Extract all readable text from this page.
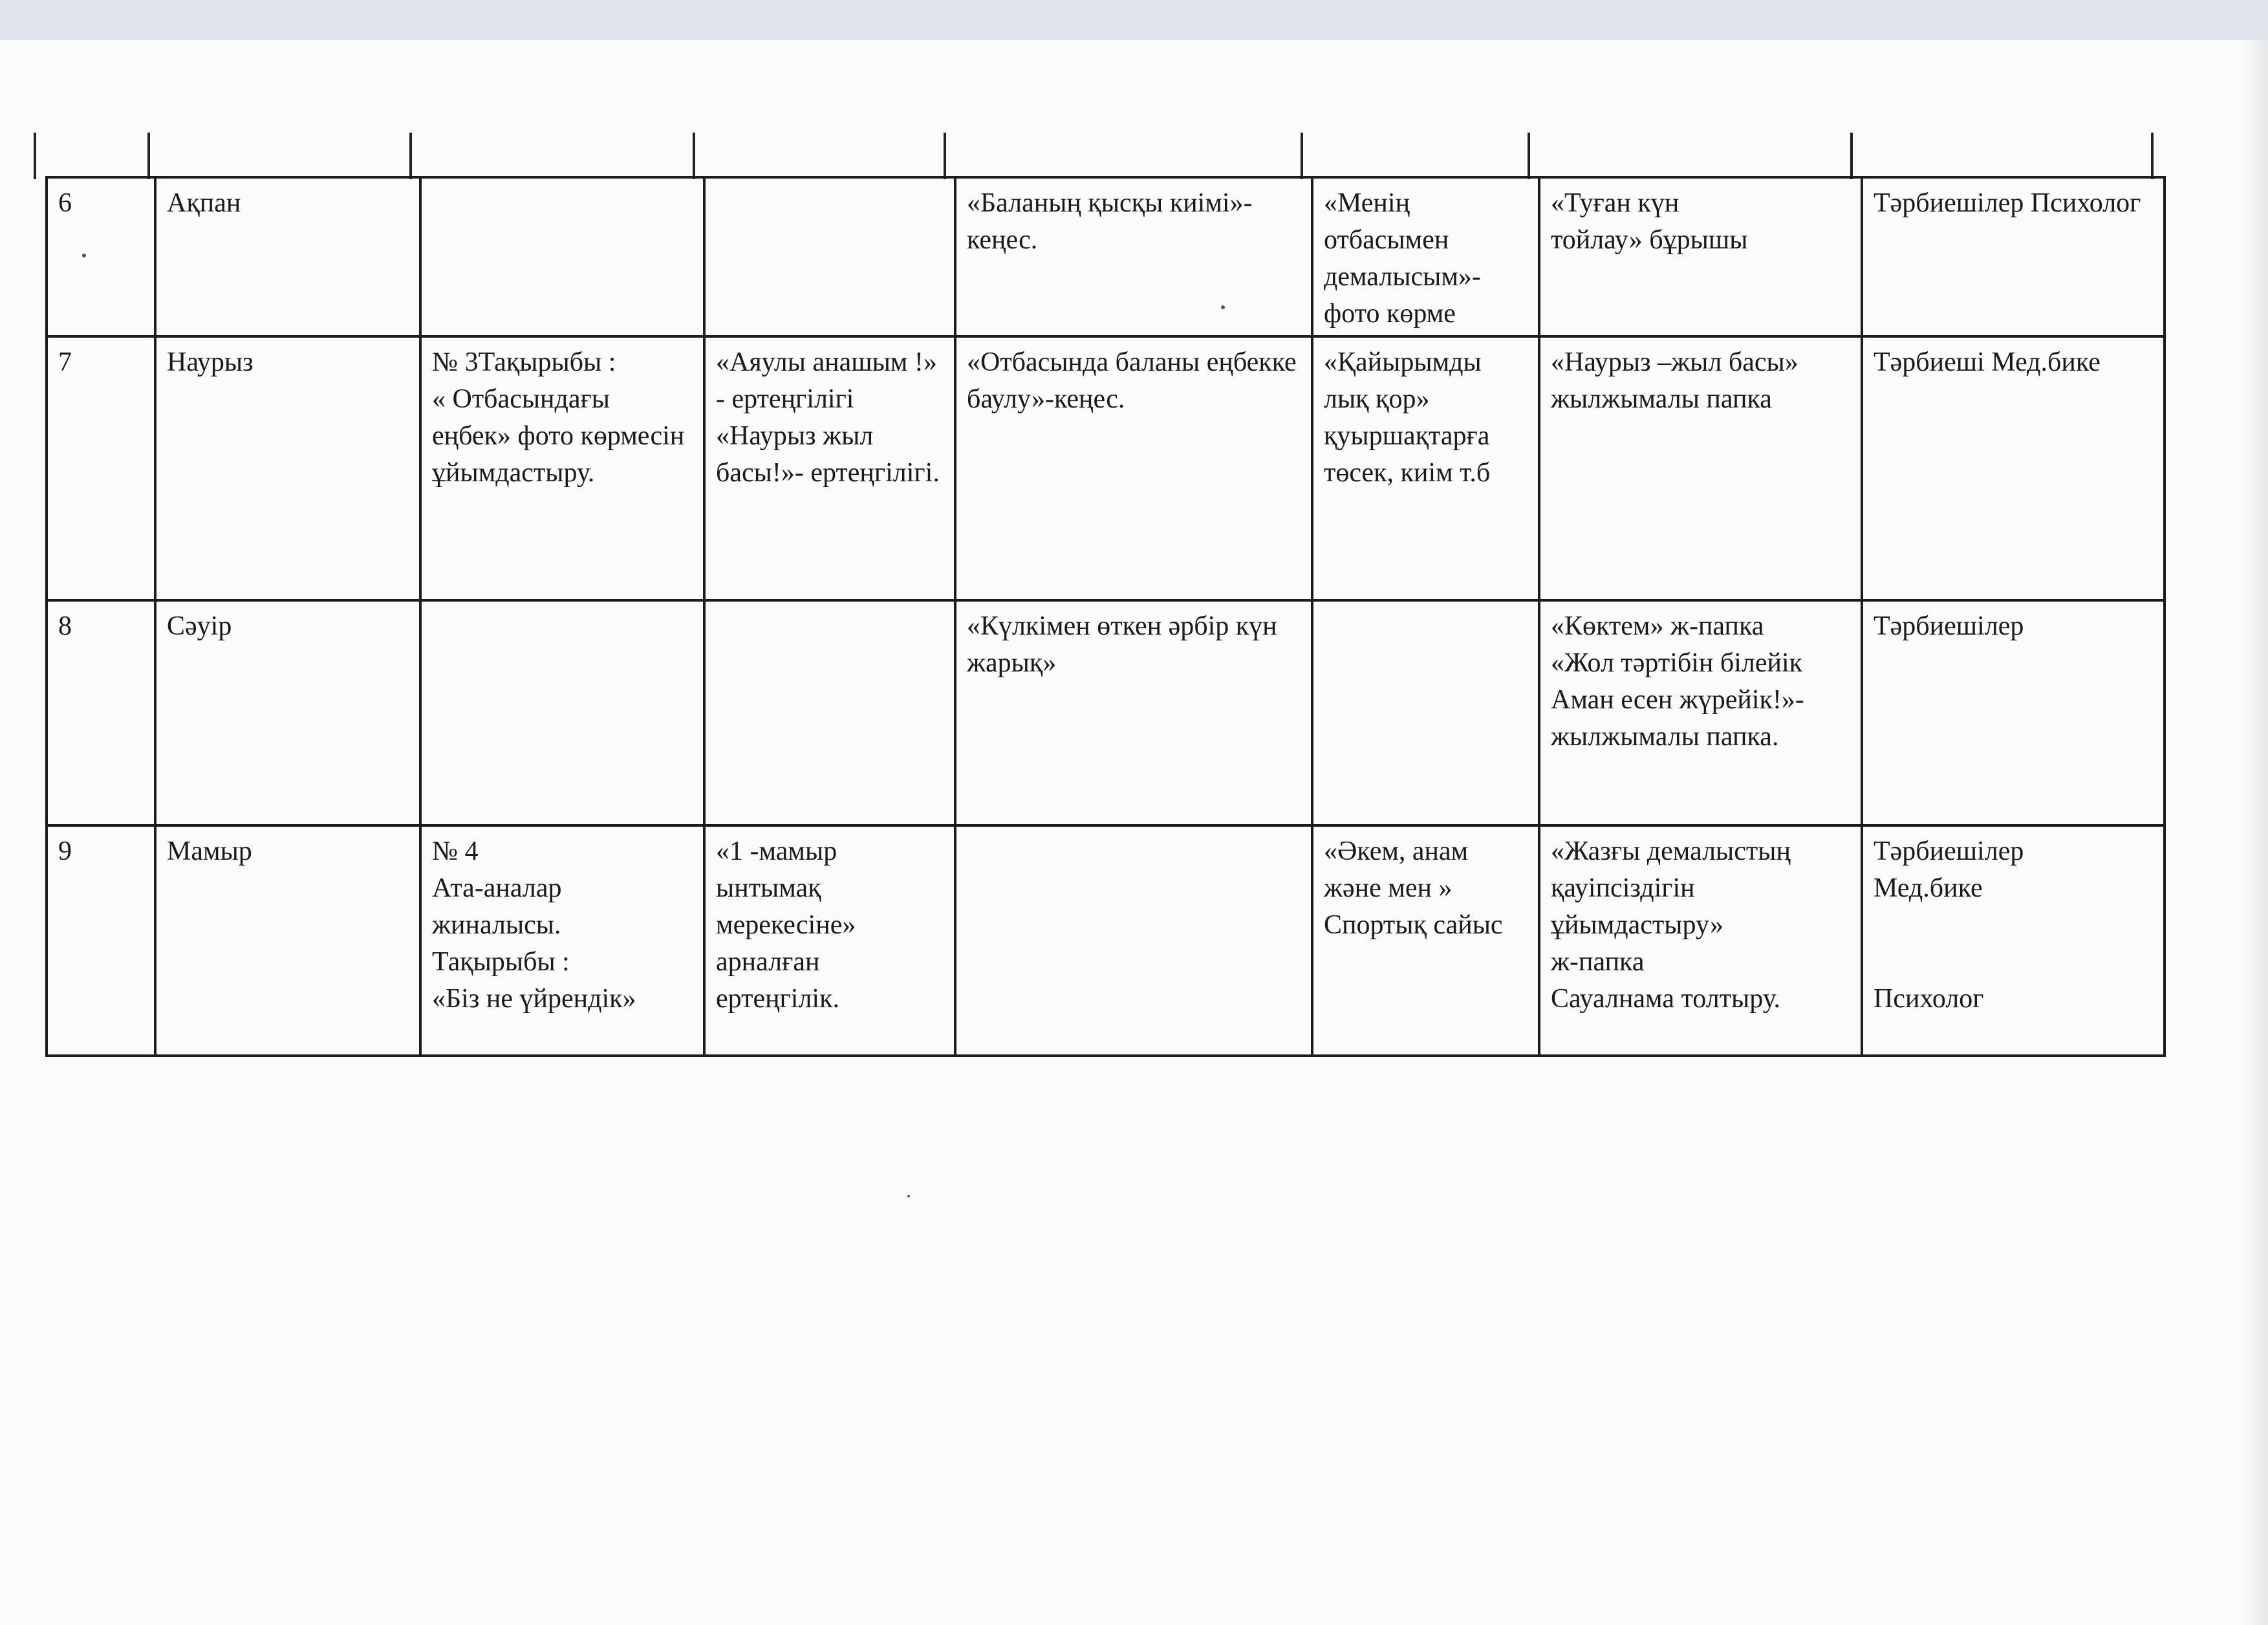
6	Ақпан			«Баланың қысқы киімі»-кеңес.	«Менің отбасымен демалысым»-фото көрме	«Туған күн
тойлау» бұрышы	Тәрбиешілер Психолог
7	Наурыз	№ 3Тақырыбы :
« Отбасындағы еңбек» фото көрмесін ұйымдастыру.	«Аяулы анашым !» - ертеңгілігі
«Наурыз жыл басы!»- ертеңгілігі.	«Отбасында баланы еңбекке баулу»-кеңес.	«Қайырымды лық қор» қуыршақтарға төсек, киім т.б	«Наурыз –жыл басы» жылжымалы папка	Тәрбиеші Мед.бике
8	Сәуір			«Күлкімен өткен әрбір күн жарық»		«Көктем» ж-папка
«Жол тәртібін білейік
Аман есен жүрейік!»-жылжымалы папка.	Тәрбиешілер
9	Мамыр	№ 4
Ата-аналар жиналысы.
Тақырыбы :
«Біз не үйрендік»	«1 -мамыр ынтымақ мерекесіне» арналған ертеңгілік.		«Әкем, анам және мен »
Спортық сайыс	«Жазғы демалыстың қауіпсіздігін ұйымдастыру»
ж-папка
Сауалнама толтыру.	Тәрбиешілер
Мед.бике

Психолог
